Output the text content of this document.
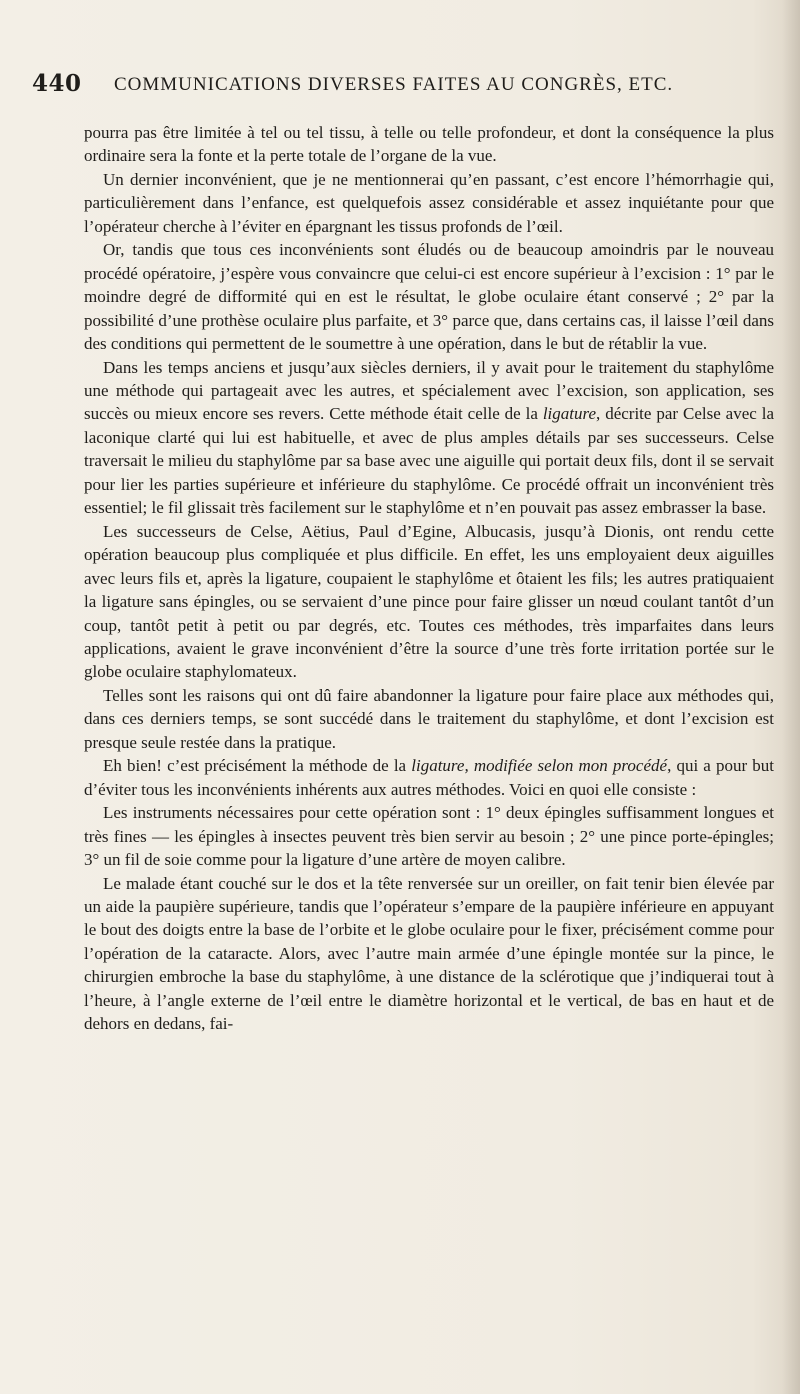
440 COMMUNICATIONS DIVERSES FAITES AU CONGRÈS, ETC.

pourra pas être limitée à tel ou tel tissu, à telle ou telle profondeur, et dont la conséquence la plus ordinaire sera la fonte et la perte totale de l’organe de la vue.

Un dernier inconvénient, que je ne mentionnerai qu’en passant, c’est encore l’hémorrhagie qui, particulièrement dans l’enfance, est quelquefois assez considérable et assez inquiétante pour que l’opérateur cherche à l’éviter en épargnant les tissus profonds de l’œil.

Or, tandis que tous ces inconvénients sont éludés ou de beaucoup amoindris par le nouveau procédé opératoire, j’espère vous convaincre que celui-ci est encore supérieur à l’excision : 1° par le moindre degré de difformité qui en est le résultat, le globe oculaire étant conservé ; 2° par la possibilité d’une prothèse oculaire plus parfaite, et 3° parce que, dans certains cas, il laisse l’œil dans des conditions qui permettent de le soumettre à une opération, dans le but de rétablir la vue.

Dans les temps anciens et jusqu’aux siècles derniers, il y avait pour le traitement du staphylôme une méthode qui partageait avec les autres, et spécialement avec l’excision, son application, ses succès ou mieux encore ses revers. Cette méthode était celle de la ligature, décrite par Celse avec la laconique clarté qui lui est habituelle, et avec de plus amples détails par ses successeurs. Celse traversait le milieu du staphylôme par sa base avec une aiguille qui portait deux fils, dont il se servait pour lier les parties supérieure et inférieure du staphylôme. Ce procédé offrait un inconvénient très essentiel; le fil glissait très facilement sur le staphylôme et n’en pouvait pas assez embrasser la base.

Les successeurs de Celse, Aëtius, Paul d’Egine, Albucasis, jusqu’à Dionis, ont rendu cette opération beaucoup plus compliquée et plus difficile. En effet, les uns employaient deux aiguilles avec leurs fils et, après la ligature, coupaient le staphylôme et ôtaient les fils; les autres pratiquaient la ligature sans épingles, ou se servaient d’une pince pour faire glisser un nœud coulant tantôt d’un coup, tantôt petit à petit ou par degrés, etc. Toutes ces méthodes, très imparfaites dans leurs applications, avaient le grave inconvénient d’être la source d’une très forte irritation portée sur le globe oculaire staphylomateux.

Telles sont les raisons qui ont dû faire abandonner la ligature pour faire place aux méthodes qui, dans ces derniers temps, se sont succédé dans le traitement du staphylôme, et dont l’excision est presque seule restée dans la pratique.

Eh bien! c’est précisément la méthode de la ligature, modifiée selon mon procédé, qui a pour but d’éviter tous les inconvénients inhérents aux autres méthodes. Voici en quoi elle consiste :

Les instruments nécessaires pour cette opération sont : 1° deux épingles suffisamment longues et très fines — les épingles à insectes peuvent très bien servir au besoin ; 2° une pince porte-épingles; 3° un fil de soie comme pour la ligature d’une artère de moyen calibre.

Le malade étant couché sur le dos et la tête renversée sur un oreiller, on fait tenir bien élevée par un aide la paupière supérieure, tandis que l’opérateur s’empare de la paupière inférieure en appuyant le bout des doigts entre la base de l’orbite et le globe oculaire pour le fixer, précisément comme pour l’opération de la cataracte. Alors, avec l’autre main armée d’une épingle montée sur la pince, le chirurgien embroche la base du staphylôme, à une distance de la sclérotique que j’indiquerai tout à l’heure, à l’angle externe de l’œil entre le diamètre horizontal et le vertical, de bas en haut et de dehors en dedans, fai-
